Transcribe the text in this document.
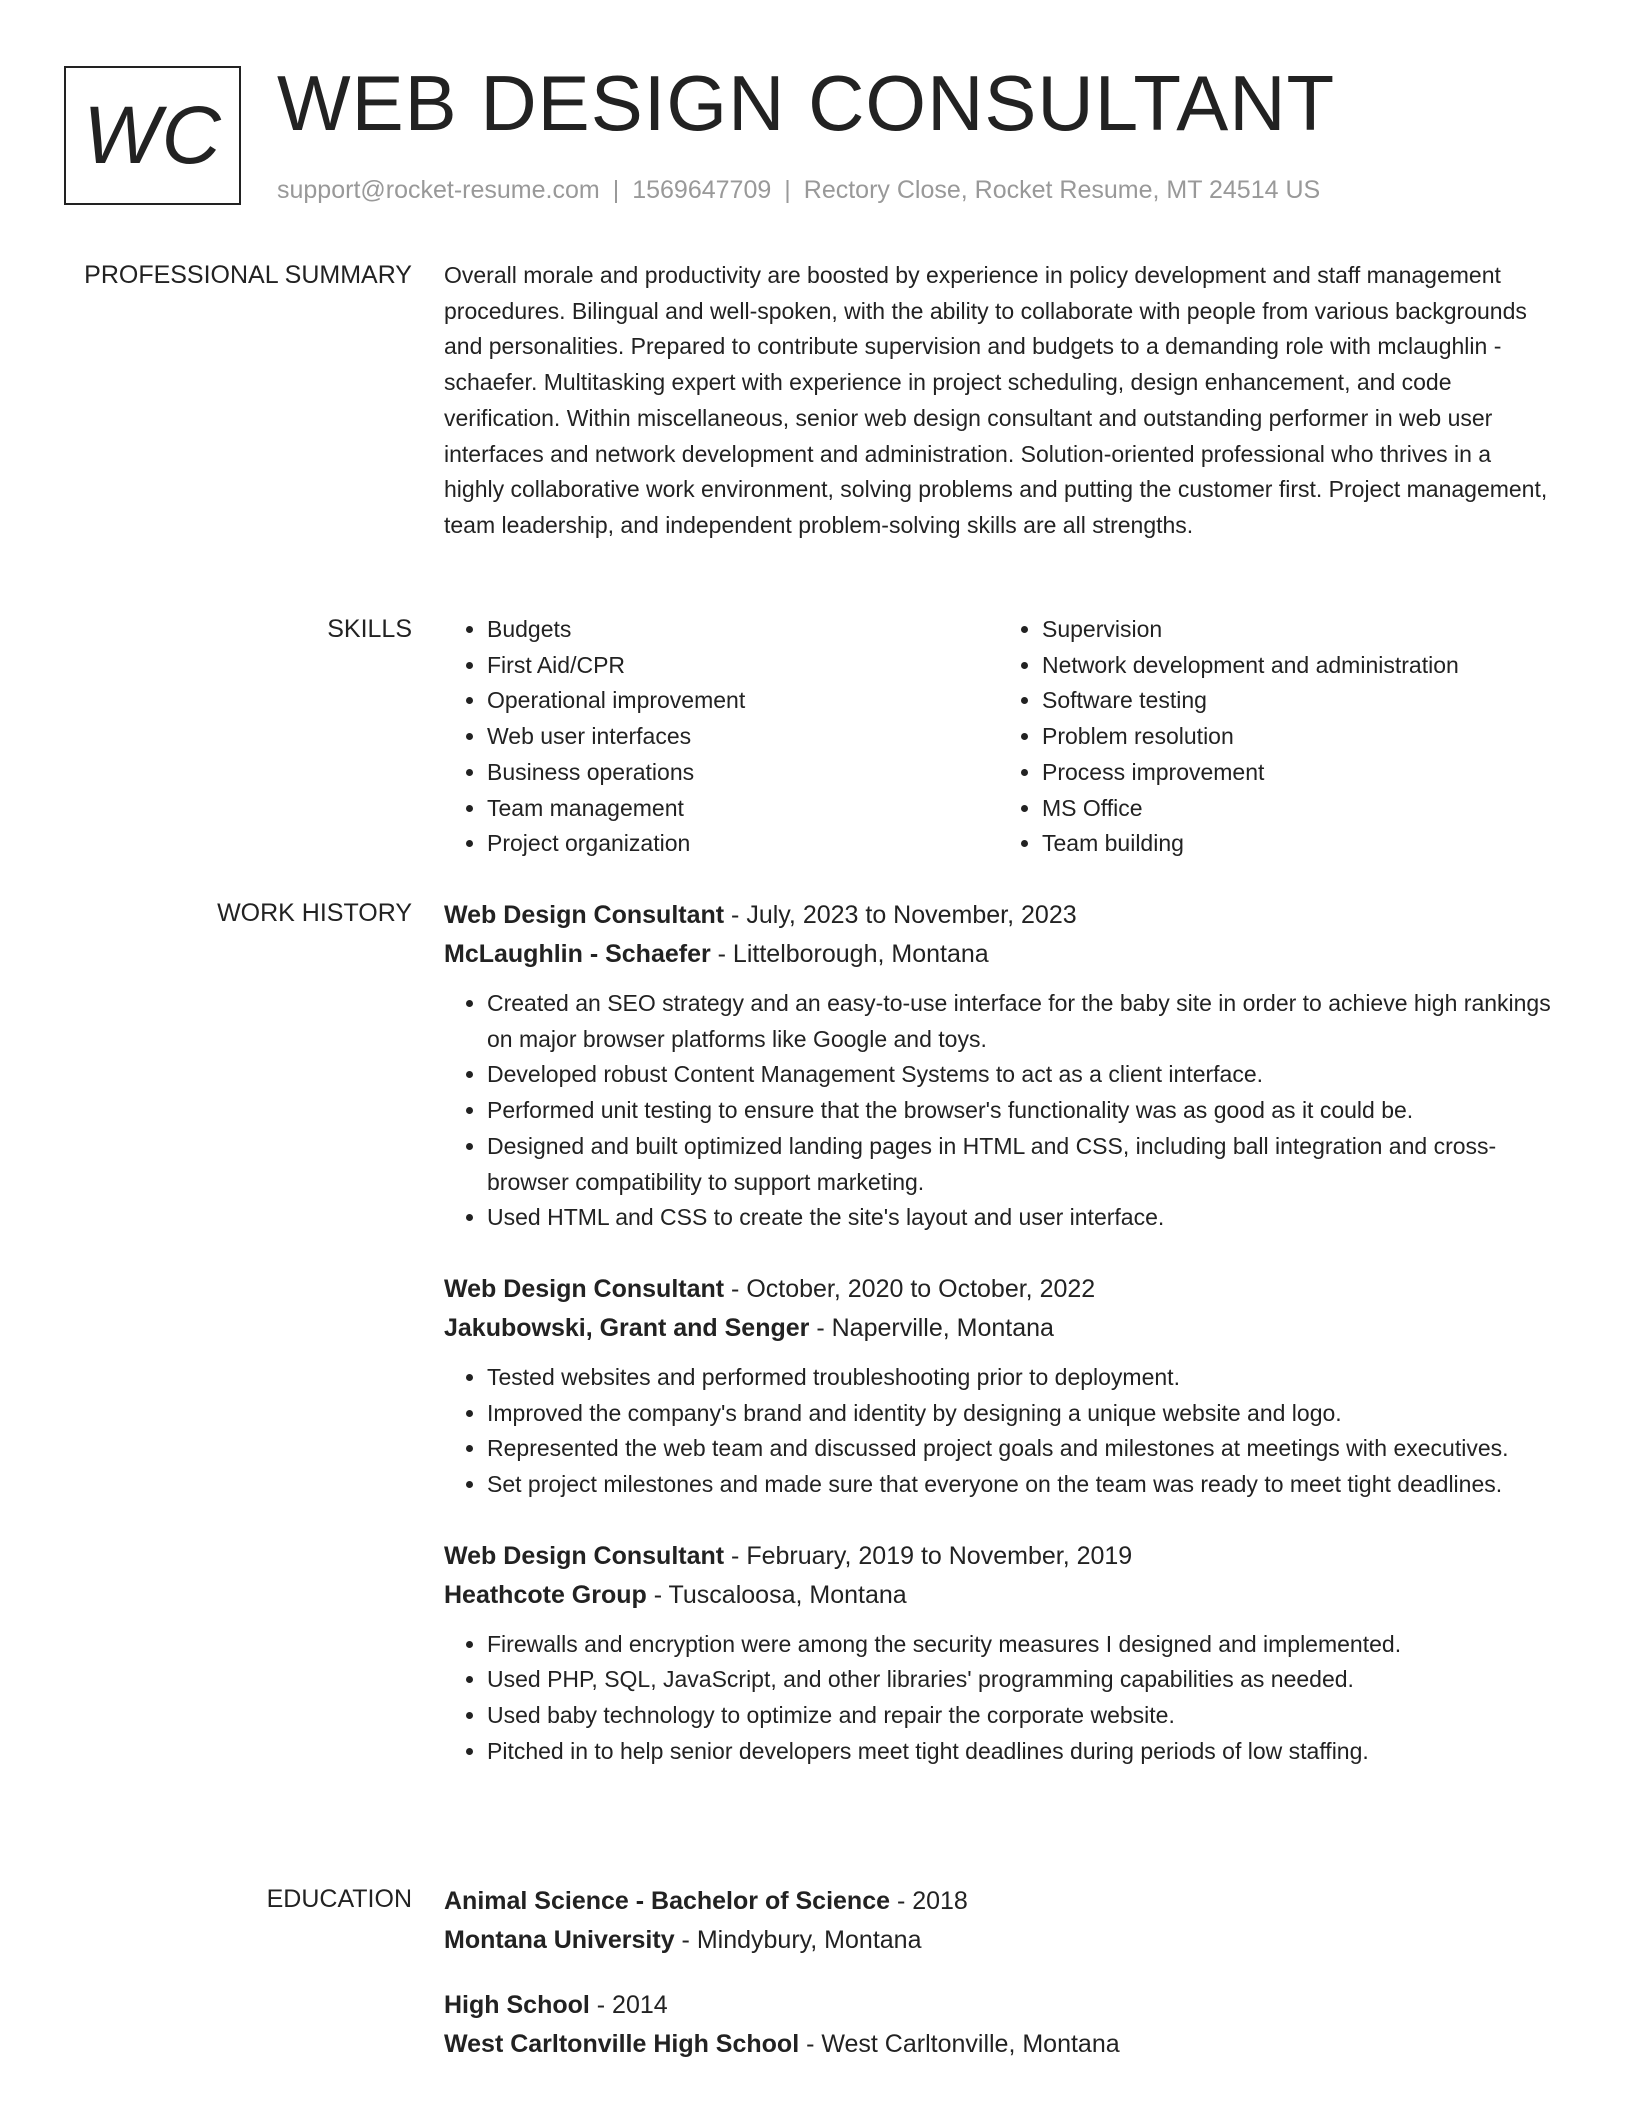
WC WEB DESIGN CONSULTANT
support@rocket-resume.com | 1569647709 | Rectory Close, Rocket Resume, MT 24514 US
PROFESSIONAL SUMMARY Overall morale and productivity are boosted by experience in policy development and staff management procedures. Bilingual and well-spoken, with the ability to collaborate with people from various backgrounds and personalities. Prepared to contribute supervision and budgets to a demanding role with mclaughlin - schaefer. Multitasking expert with experience in project scheduling, design enhancement, and code verification. Within miscellaneous, senior web design consultant and outstanding performer in web user interfaces and network development and administration. Solution-oriented professional who thrives in a highly collaborative work environment, solving problems and putting the customer first. Project management, team leadership, and independent problem-solving skills are all strengths.

SKILLS
•	Budgets
• First Aid/CPR
• Operational improvement
• Web user interfaces
• Business operations
• Team management
• Project organization
• Supervision
• Network development and administration
• Software testing
• Problem resolution
• Process improvement
• MS Office
• Team building
WORK HISTORY Web Design Consultant - July, 2023 to November, 2023

McLaughlin - Schaefer - Littelborough, Montana

• Created an SEO strategy and an easy-to-use interface for the baby site in order to achieve high rankings on major browser platforms like Google and toys.
• Developed robust Content Management Systems to act as a client interface.
• Performed unit testing to ensure that the browser's functionality was as good as it could be.
• Designed and built optimized landing pages in HTML and CSS, including ball integration and cross-browser compatibility to support marketing.
• Used HTML and CSS to create the site's layout and user interface.

Web Design Consultant - October, 2020 to October, 2022

Jakubowski, Grant and Senger - Naperville, Montana

• Tested websites and performed troubleshooting prior to deployment.
• Improved the company's brand and identity by designing a unique website and logo.
• Represented the web team and discussed project goals and milestones at meetings with executives.
• Set project milestones and made sure that everyone on the team was ready to meet tight deadlines.

Web Design Consultant - February, 2019 to November, 2019

Heathcote Group - Tuscaloosa, Montana

• Firewalls and encryption were among the security measures I designed and implemented.
• Used PHP, SQL, JavaScript, and other libraries' programming capabilities as needed.
• Used baby technology to optimize and repair the corporate website.
• Pitched in to help senior developers meet tight deadlines during periods of low staffing.
EDUCATION Animal Science - Bachelor of Science - 2018

Montana University - Mindybury, Montana

High School - 2014

West Carltonville High School - West Carltonville, Montana
